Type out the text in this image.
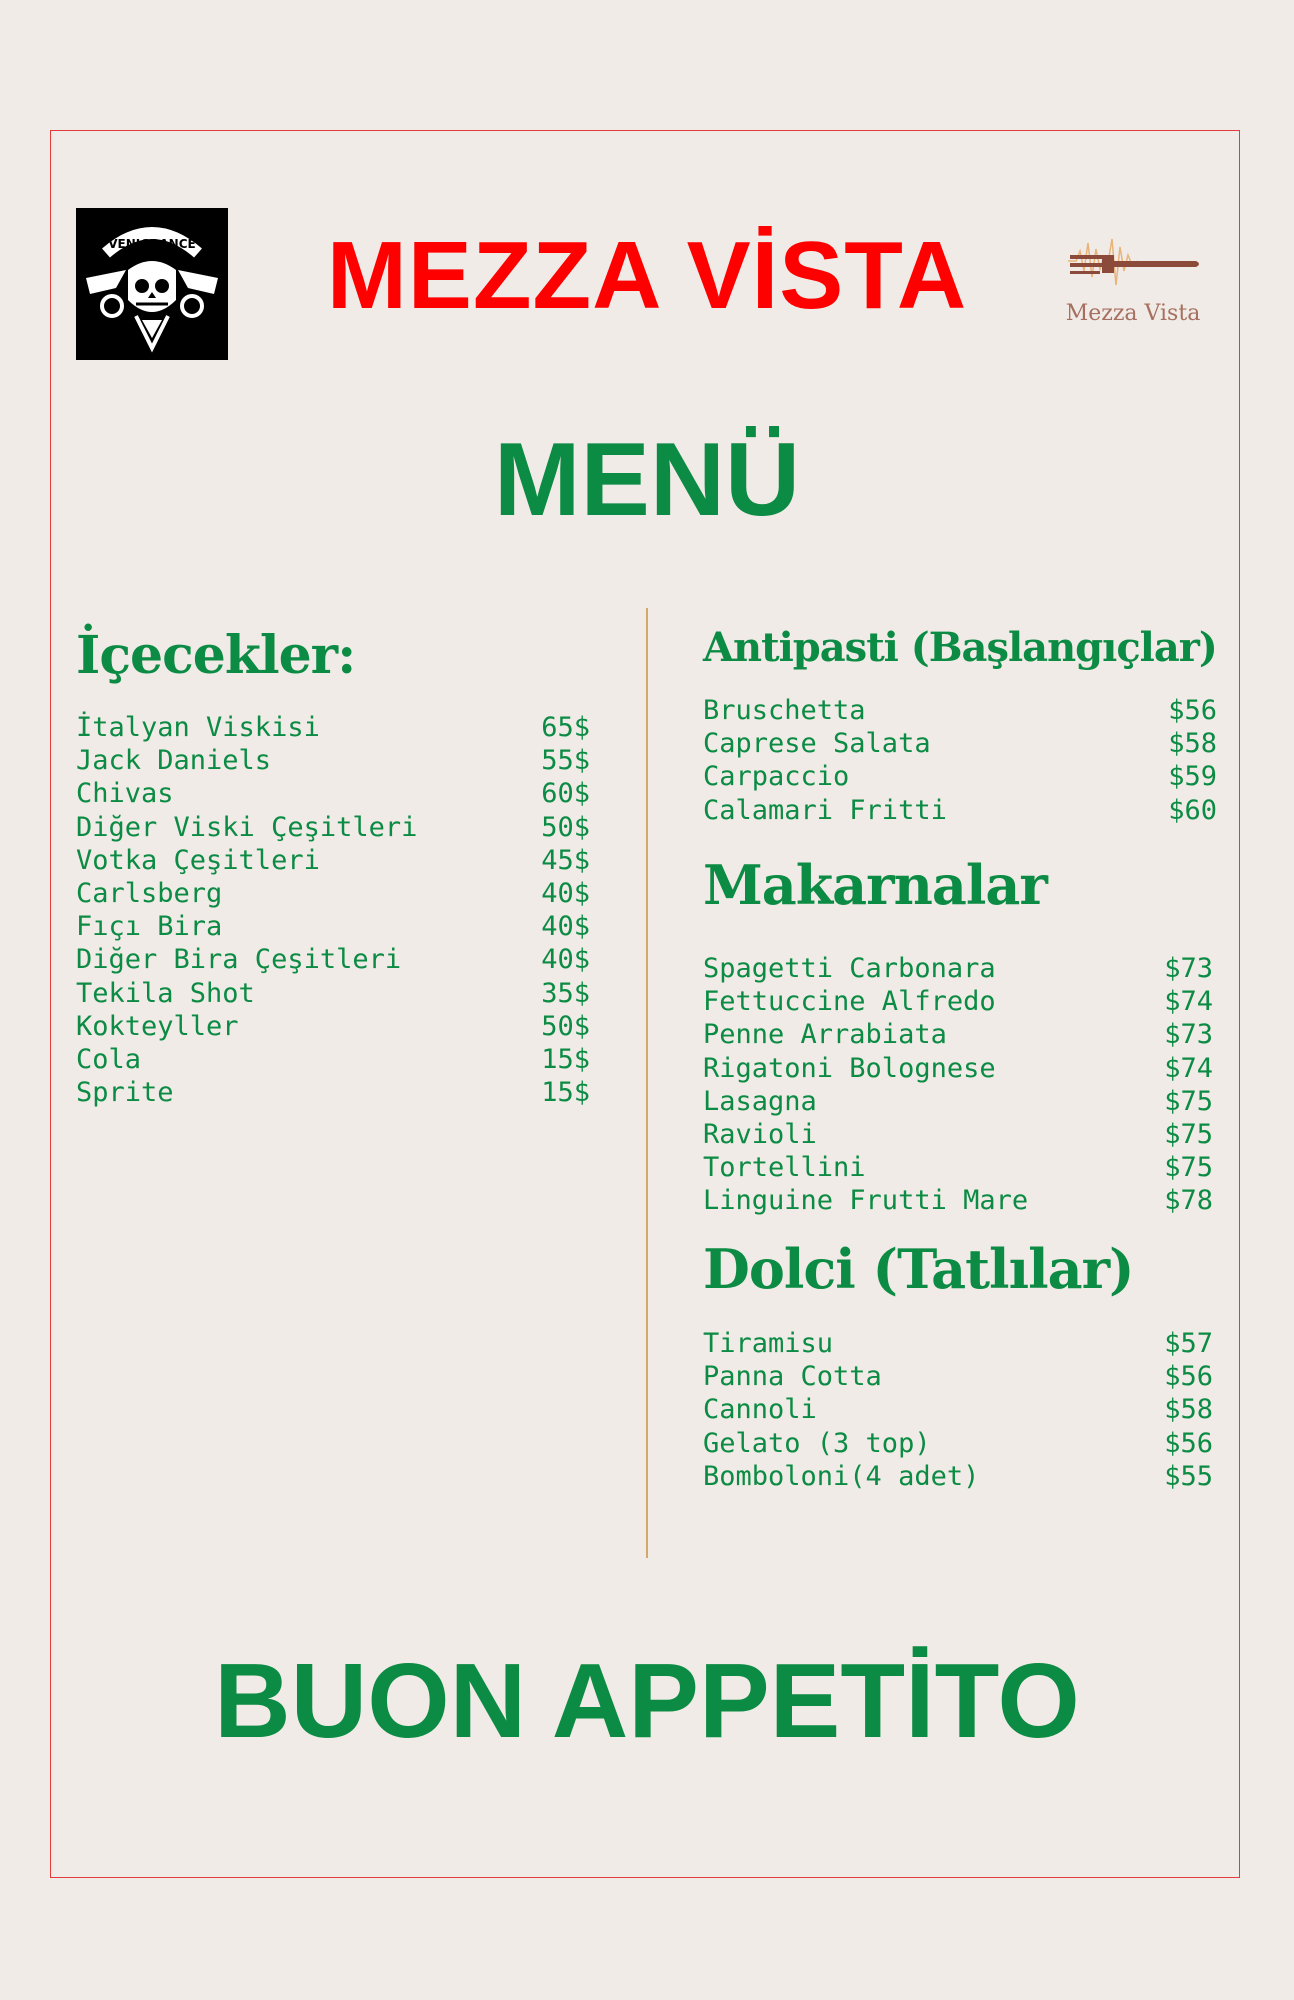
VENIGAANCE
Mezza Vista
MEZZA VİSTA
MENÜ
İçecekler:
İtalyan Viskisi	65$
Jack Daniels	55$
Chivas	60$
Diğer Viski Çeşitleri	50$
Votka Çeşitleri	45$
Carlsberg	40$
Fıçı Bira	40$
Diğer Bira Çeşitleri	40$
Tekila Shot	35$
Kokteyller	50$
Cola	15$
Sprite	15$
Antipasti (Başlangıçlar)
Bruschetta	$56
Caprese Salata	$58
Carpaccio	$59
Calamari Fritti	$60
Makarnalar
Spagetti Carbonara	$73
Fettuccine Alfredo	$74
Penne Arrabiata	$73
Rigatoni Bolognese	$74
Lasagna	$75
Ravioli	$75
Tortellini	$75
Linguine Frutti Mare	$78
Dolci (Tatlılar)
Tiramisu	$57
Panna Cotta	$56
Cannoli	$58
Gelato (3 top)	$56
Bomboloni(4 adet)	$55
BUON APPETİTO
